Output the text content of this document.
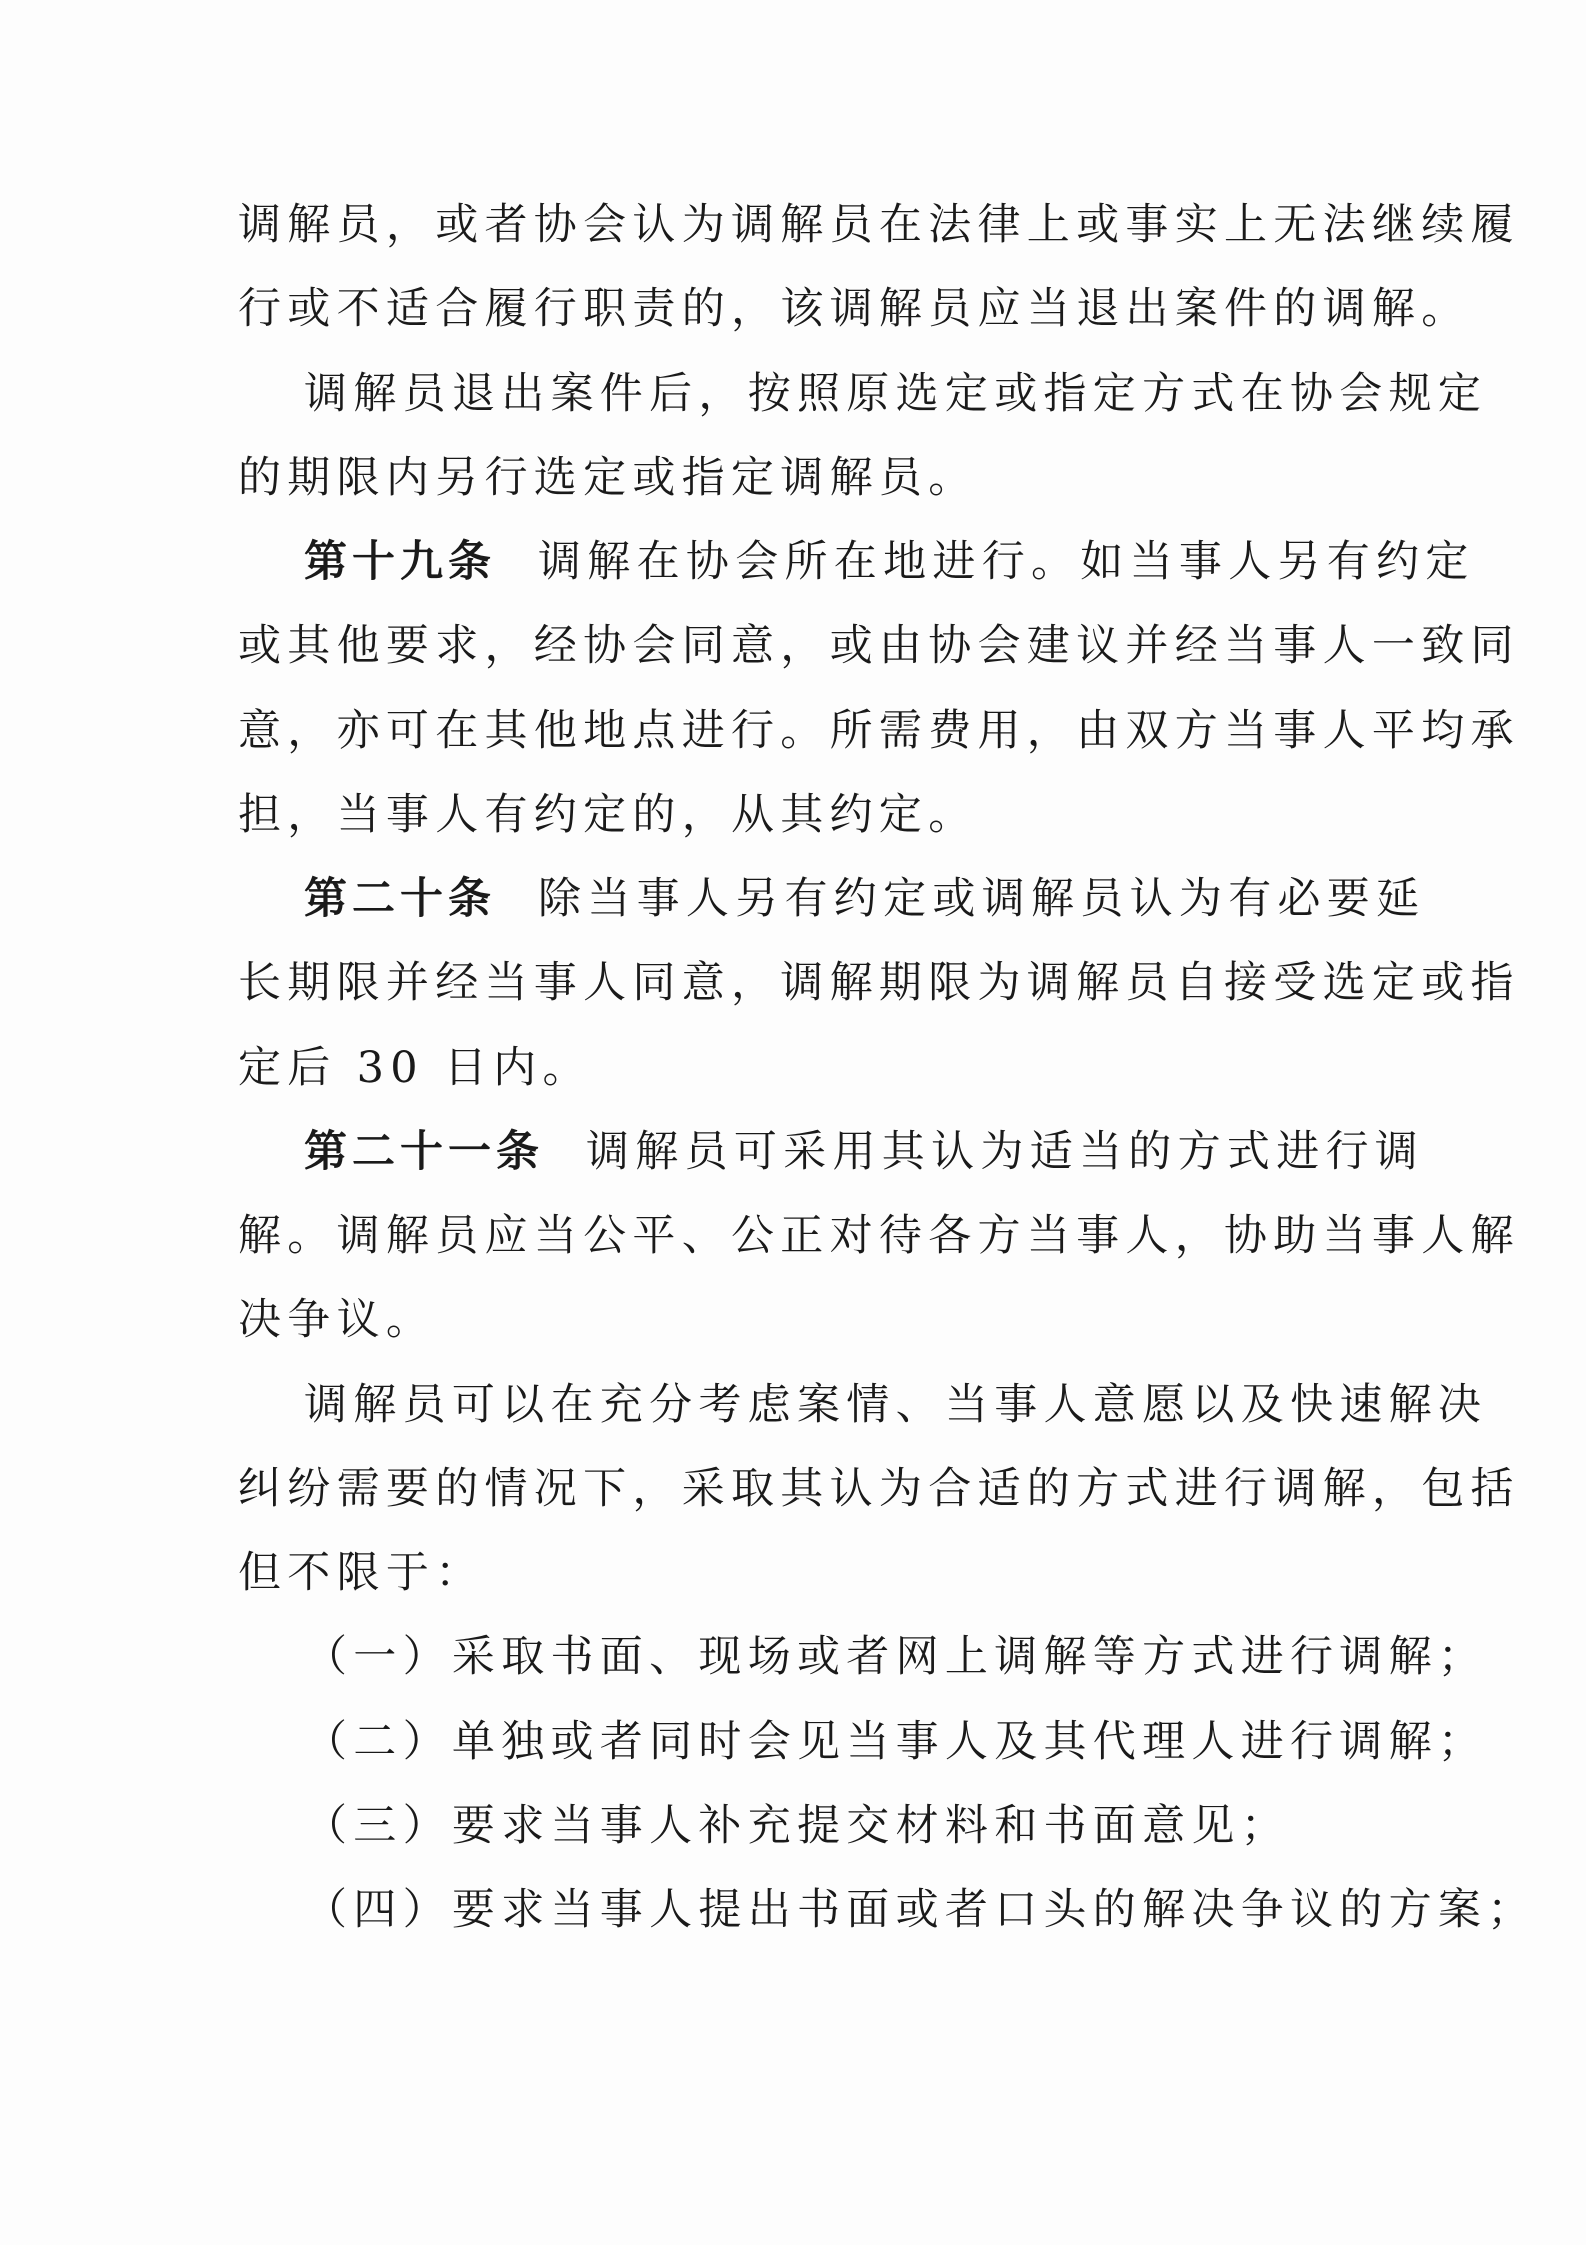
调解员，或者协会认为调解员在法律上或事实上无法继续履
行或不适合履行职责的，该调解员应当退出案件的调解。
调解员退出案件后，按照原选定或指定方式在协会规定
的期限内另行选定或指定调解员。
第十九条 调解在协会所在地进行。如当事人另有约定
或其他要求，经协会同意，或由协会建议并经当事人一致同
意，亦可在其他地点进行。所需费用，由双方当事人平均承
担，当事人有约定的，从其约定。
第二十条 除当事人另有约定或调解员认为有必要延
长期限并经当事人同意，调解期限为调解员自接受选定或指
定后 30 日内。
第二十一条 调解员可采用其认为适当的方式进行调
解。调解员应当公平、公正对待各方当事人，协助当事人解
决争议。
调解员可以在充分考虑案情、当事人意愿以及快速解决
纠纷需要的情况下，采取其认为合适的方式进行调解，包括
但不限于：
（一）采取书面、现场或者网上调解等方式进行调解；
（二）单独或者同时会见当事人及其代理人进行调解；
（三）要求当事人补充提交材料和书面意见；
（四）要求当事人提出书面或者口头的解决争议的方案；
